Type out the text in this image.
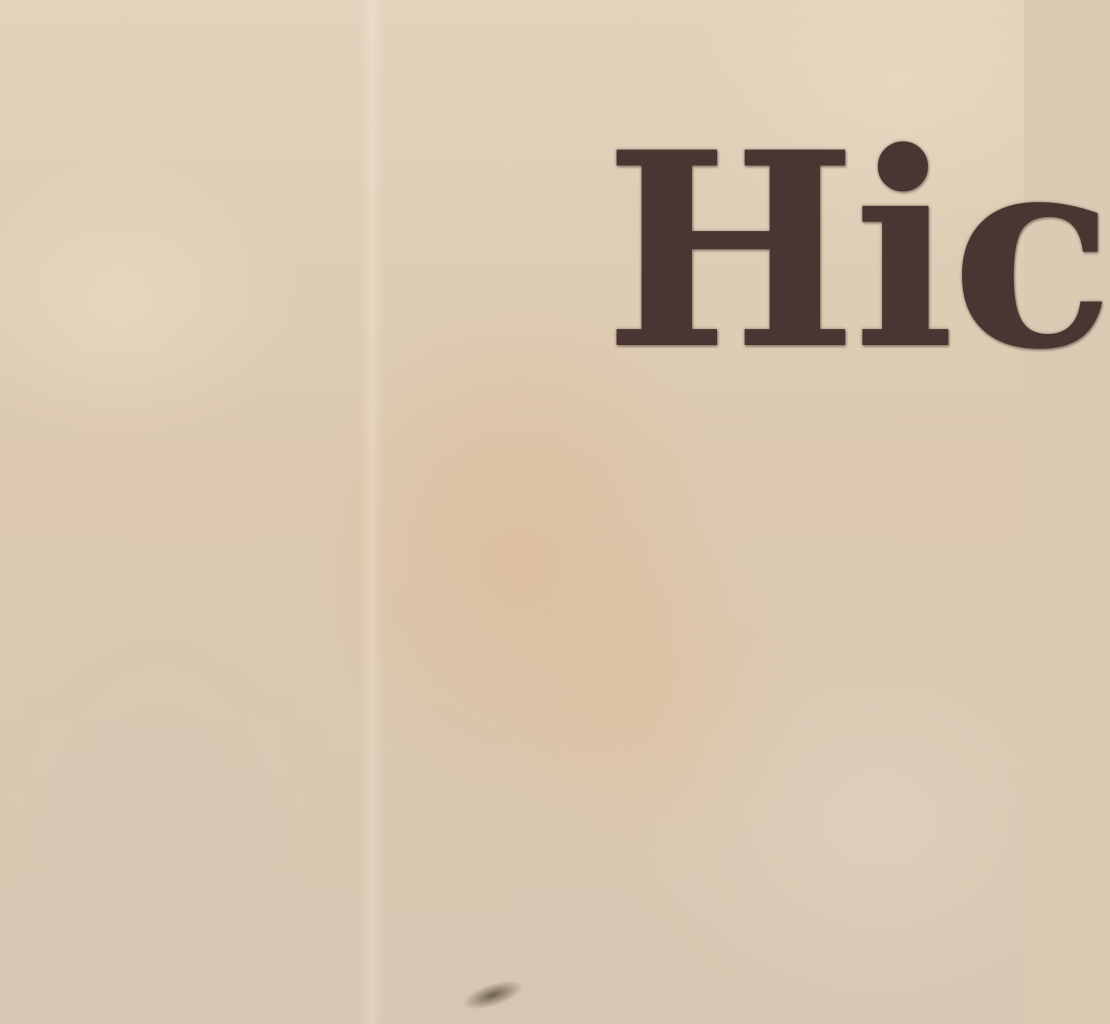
Hic
